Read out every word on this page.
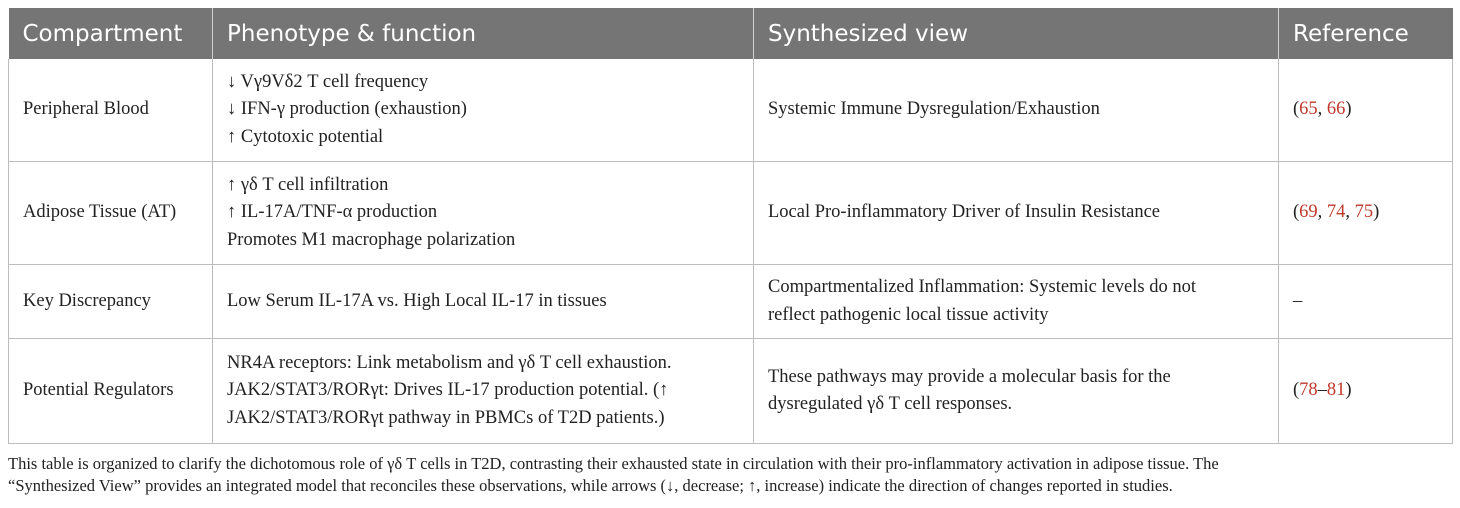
Compartment	Phenotype & function	Synthesized view	Reference
Peripheral Blood	↓ Vγ9Vδ2 T cell frequency
↓ IFN-γ production (exhaustion)
↑ Cytotoxic potential	Systemic Immune Dysregulation/Exhaustion	(65, 66)
Adipose Tissue (AT)	↑ γδ T cell infiltration
↑ IL-17A/TNF-α production
Promotes M1 macrophage polarization	Local Pro-inflammatory Driver of Insulin Resistance	(69, 74, 75)
Key Discrepancy	Low Serum IL-17A vs. High Local IL-17 in tissues	Compartmentalized Inflammation: Systemic levels do not
reflect pathogenic local tissue activity	–
Potential Regulators	NR4A receptors: Link metabolism and γδ T cell exhaustion.
JAK2/STAT3/RORγt: Drives IL-17 production potential. (↑
JAK2/STAT3/RORγt pathway in PBMCs of T2D patients.)	These pathways may provide a molecular basis for the
dysregulated γδ T cell responses.	(78–81)
This table is organized to clarify the dichotomous role of γδ T cells in T2D, contrasting their exhausted state in circulation with their pro-inflammatory activation in adipose tissue. The
“Synthesized View” provides an integrated model that reconciles these observations, while arrows (↓, decrease; ↑, increase) indicate the direction of changes reported in studies.
